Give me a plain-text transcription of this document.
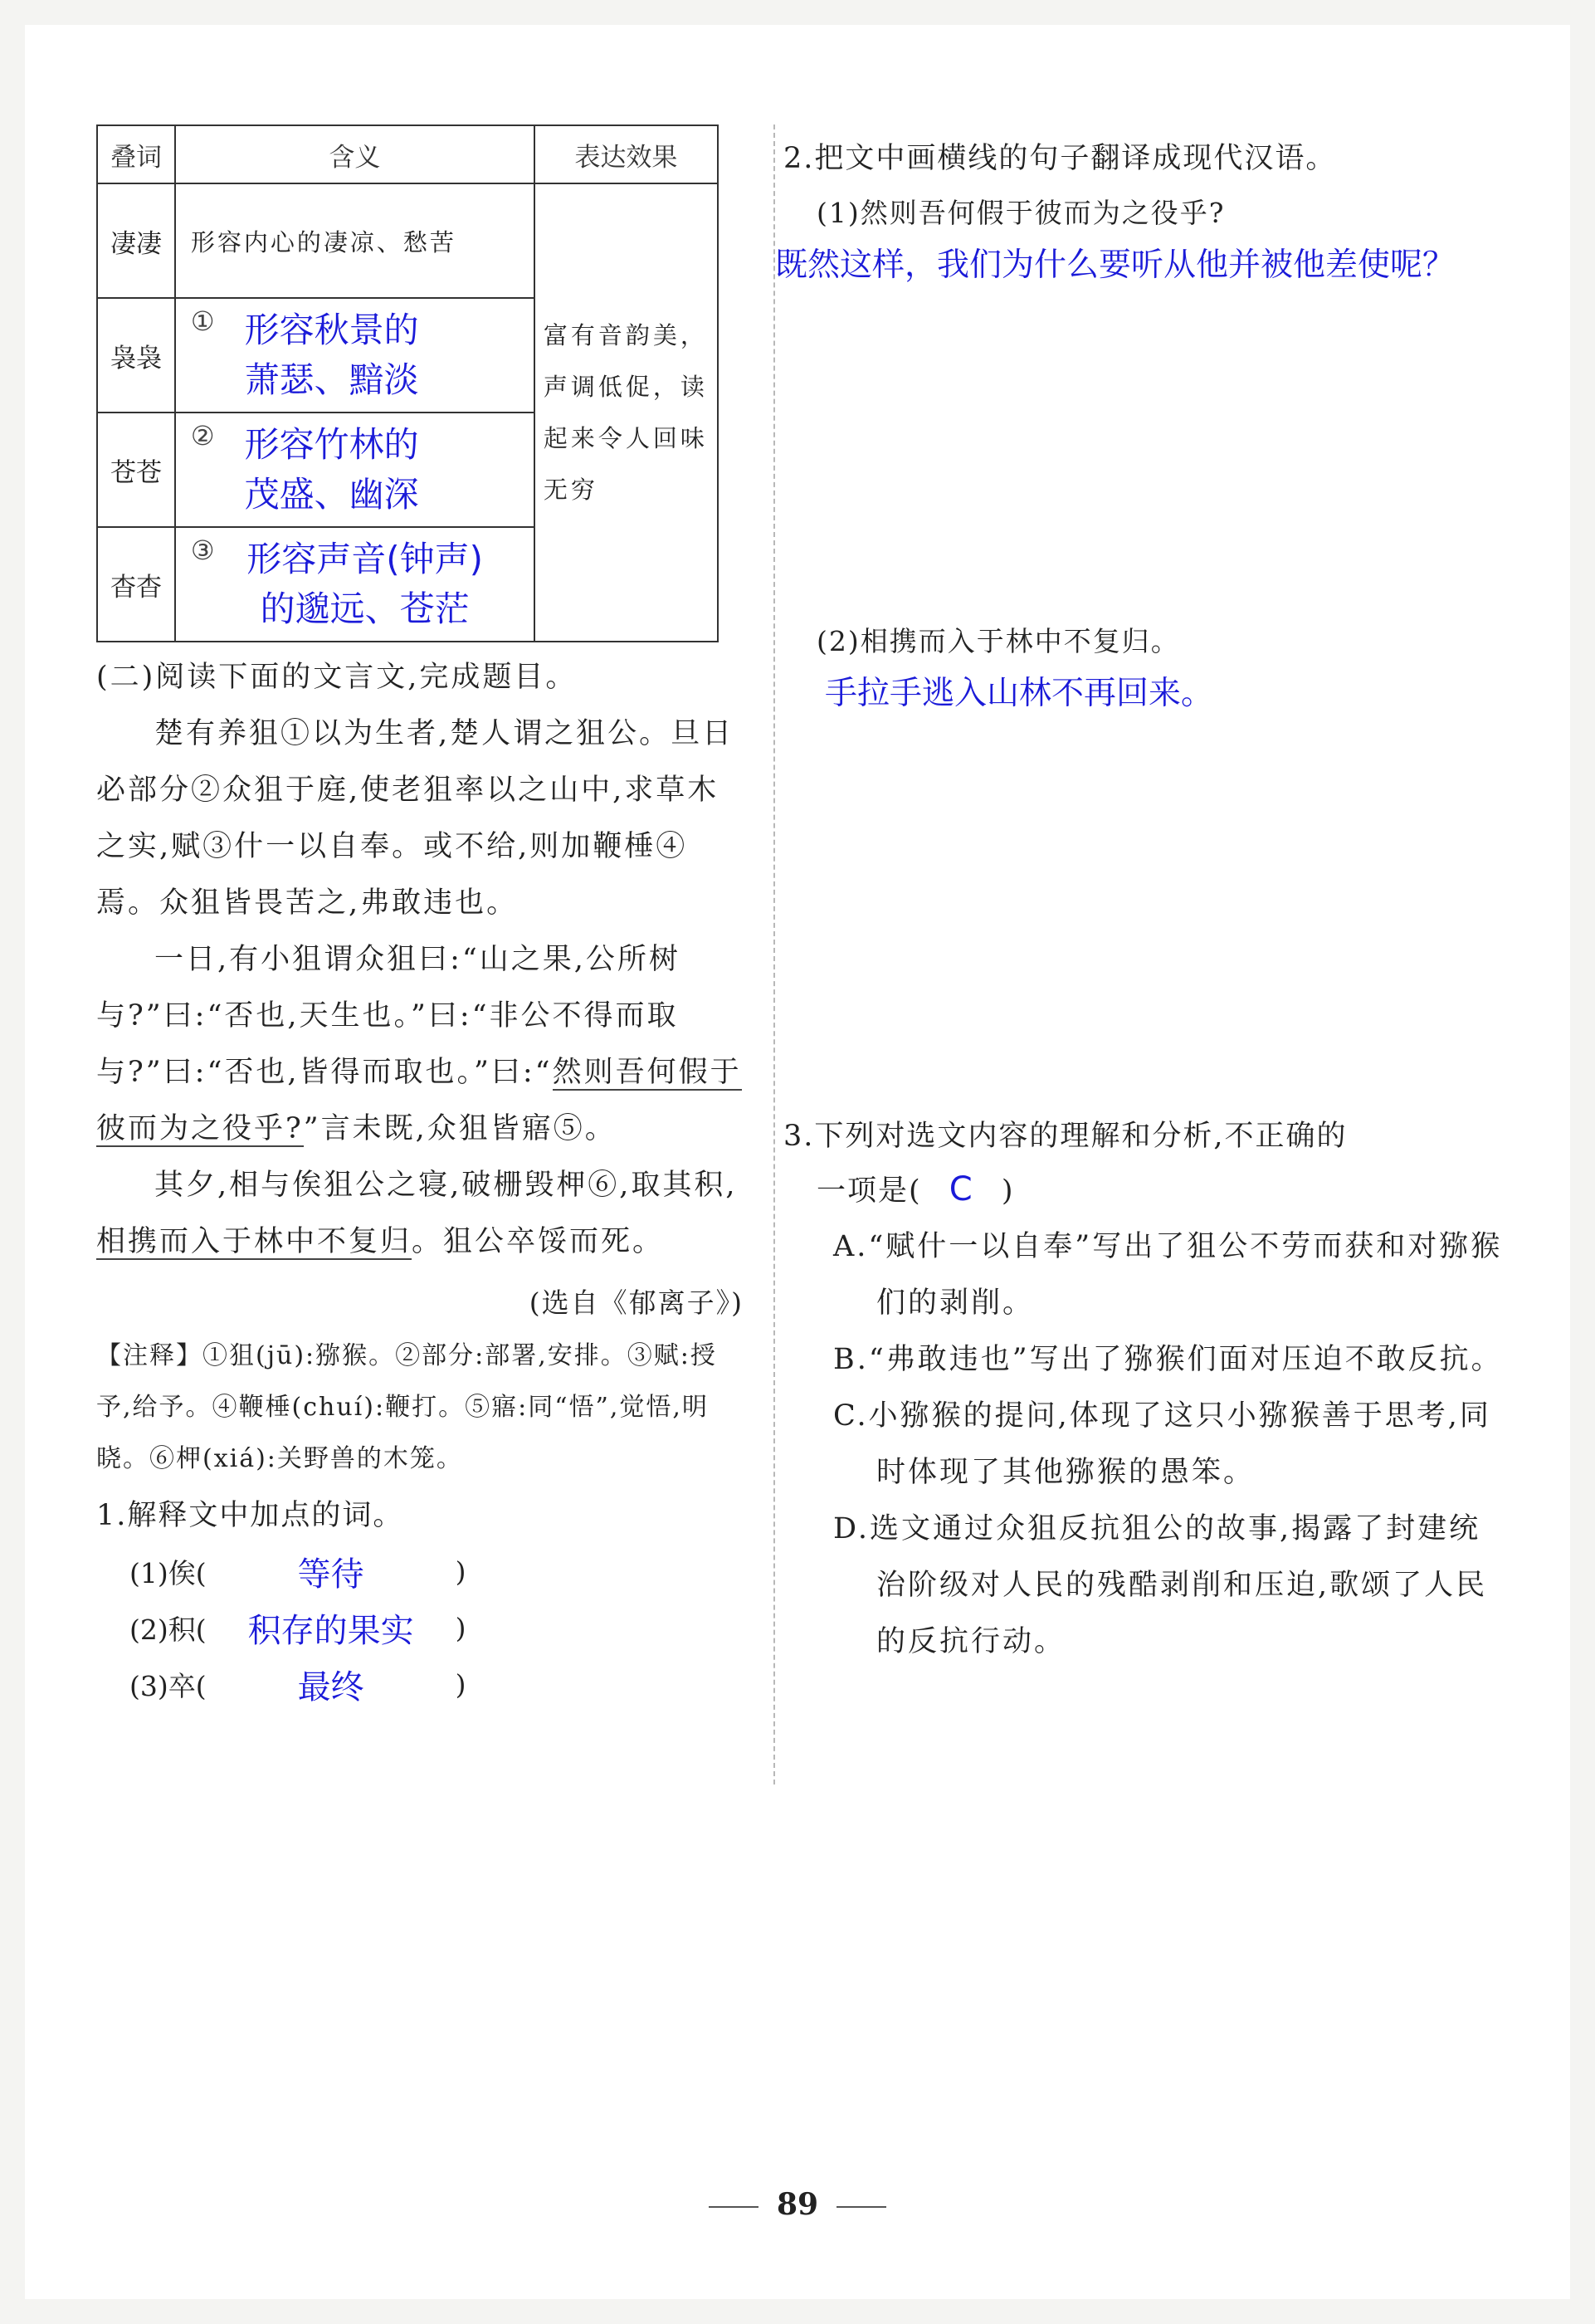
叠词	含义	表达效果
凄凄	形容内心的凄凉、愁苦	富有音韵美，声调低促，读起来令人回味无穷
袅袅	① 形容秋景的萧瑟、黯淡	

苍苍	② 形容竹林的茂盛、幽深	

杳杳	③ 形容声音(钟声)的邈远、苍茫	

(二)阅读下面的文言文,完成题目。

楚有养狙①以为生者,楚人谓之狙公。旦日必部分②众狙于庭,使老狙率以之山中,求草木之实,赋③什一以自奉。或不给,则加鞭棰④焉。众狙皆畏苦之,弗敢违也。

一日,有小狙谓众狙曰:“山之果,公所树与?”曰:“否也,天生也。”曰:“非公不得而取与?”曰:“否也,皆得而取也。”曰:“然则吾何假于彼而为之役乎?”言未既,众狙皆寤⑤。

其夕,相与俟狙公之寝,破栅毁柙⑥,取其积,相携而入于林中不复归。狙公卒馁而死。

(选自《郁离子》)
【注释】①狙(jū):猕猴。②部分:部署,安排。③赋:授予,给予。④鞭棰(chuí):鞭打。⑤寤:同“悟”,觉悟,明晓。⑥柙(xiá):关野兽的木笼。

1.解释文中加点的词。

(1)俟(	等待	)
(2)积(	积存的果实	)
(3)卒(	最终	)

2.把文中画横线的句子翻译成现代汉语。

(1)然则吾何假于彼而为之役乎?
既然这样，我们为什么要听从他并被他差使呢？
(2)相携而入于林中不复归。
手拉手逃入山林不再回来。

3.下列对选文内容的理解和分析,不正确的

一项是( C )
A.“赋什一以自奉”写出了狙公不劳而获和对猕猴们的剥削。
B.“弗敢违也”写出了猕猴们面对压迫不敢反抗。
C.小猕猴的提问,体现了这只小猕猴善于思考,同时体现了其他猕猴的愚笨。
D.选文通过众狙反抗狙公的故事,揭露了封建统治阶级对人民的残酷剥削和压迫,歌颂了人民的反抗行动。
89
